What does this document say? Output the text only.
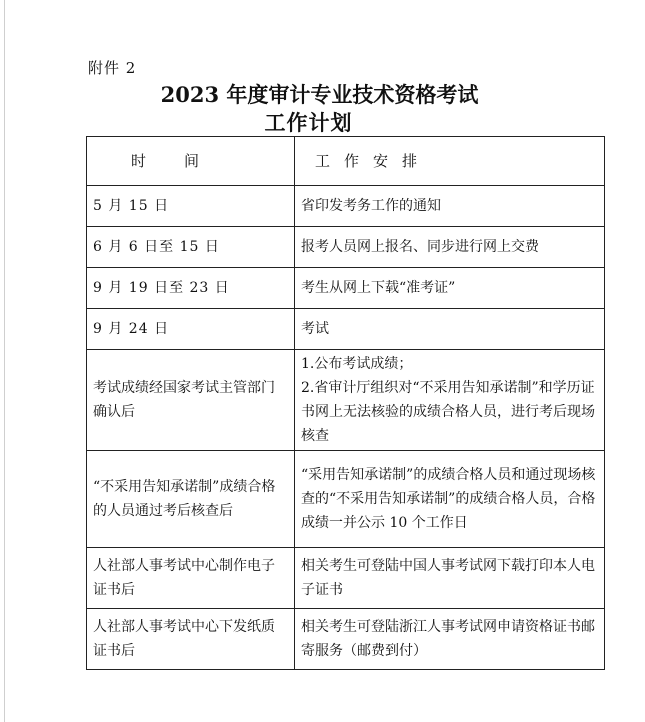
附件 2
2023 年度审计专业技术资格考试
工作计划
时间	工作安排
5 月 15 日	省印发考务工作的通知

6 月 6 日至 15 日	报考人员网上报名、同步进行网上交费

9 月 19 日至 23 日	考生从网上下载“准考证”

9 月 24 日	考试

考试成绩经国家考试主管部门确认后	1.公布考试成绩；
2.省审计厅组织对“不采用告知承诺制”和学历证书网上无法核验的成绩合格人员，进行考后现场核查

“不采用告知承诺制”成绩合格的人员通过考后核查后	“采用告知承诺制”的成绩合格人员和通过现场核查的“不采用告知承诺制”的成绩合格人员，合格成绩一并公示 10 个工作日

人社部人事考试中心制作电子证书后	相关考生可登陆中国人事考试网下载打印本人电子证书

人社部人事考试中心下发纸质证书后	相关考生可登陆浙江人事考试网申请资格证书邮寄服务（邮费到付）
